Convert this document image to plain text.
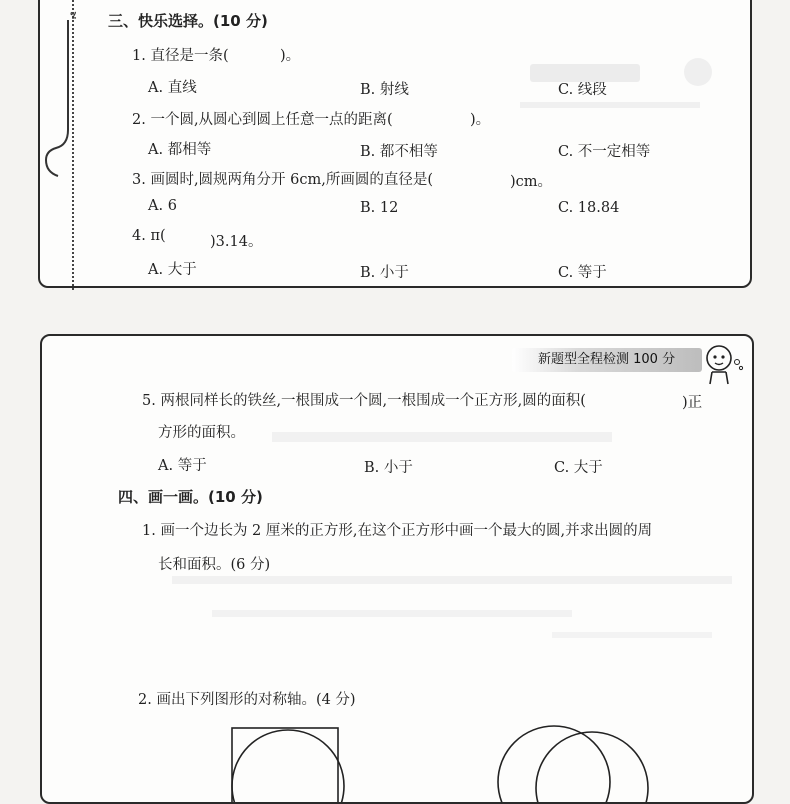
三、快乐选择。(10 分)
1. 直径是一条(	)。
A. 直线	B. 射线	C. 线段
2. 一个圆,从圆心到圆上任意一点的距离(	)。
A. 都相等	B. 都不相等	C. 不一定相等
3. 画圆时,圆规两角分开 6cm,所画圆的直径是(	)cm。
A. 6	B. 12	C. 18.84
4. π(	)3.14。
A. 大于	B. 小于	C. 等于
ሄ
新题型全程检测 100 分
5. 两根同样长的铁丝,一根围成一个圆,一根围成一个正方形,圆的面积(	)正
方形的面积。
A. 等于	B. 小于	C. 大于
四、画一画。(10 分)
1. 画一个边长为 2 厘米的正方形,在这个正方形中画一个最大的圆,并求出圆的周
长和面积。(6 分)
2. 画出下列图形的对称轴。(4 分)
